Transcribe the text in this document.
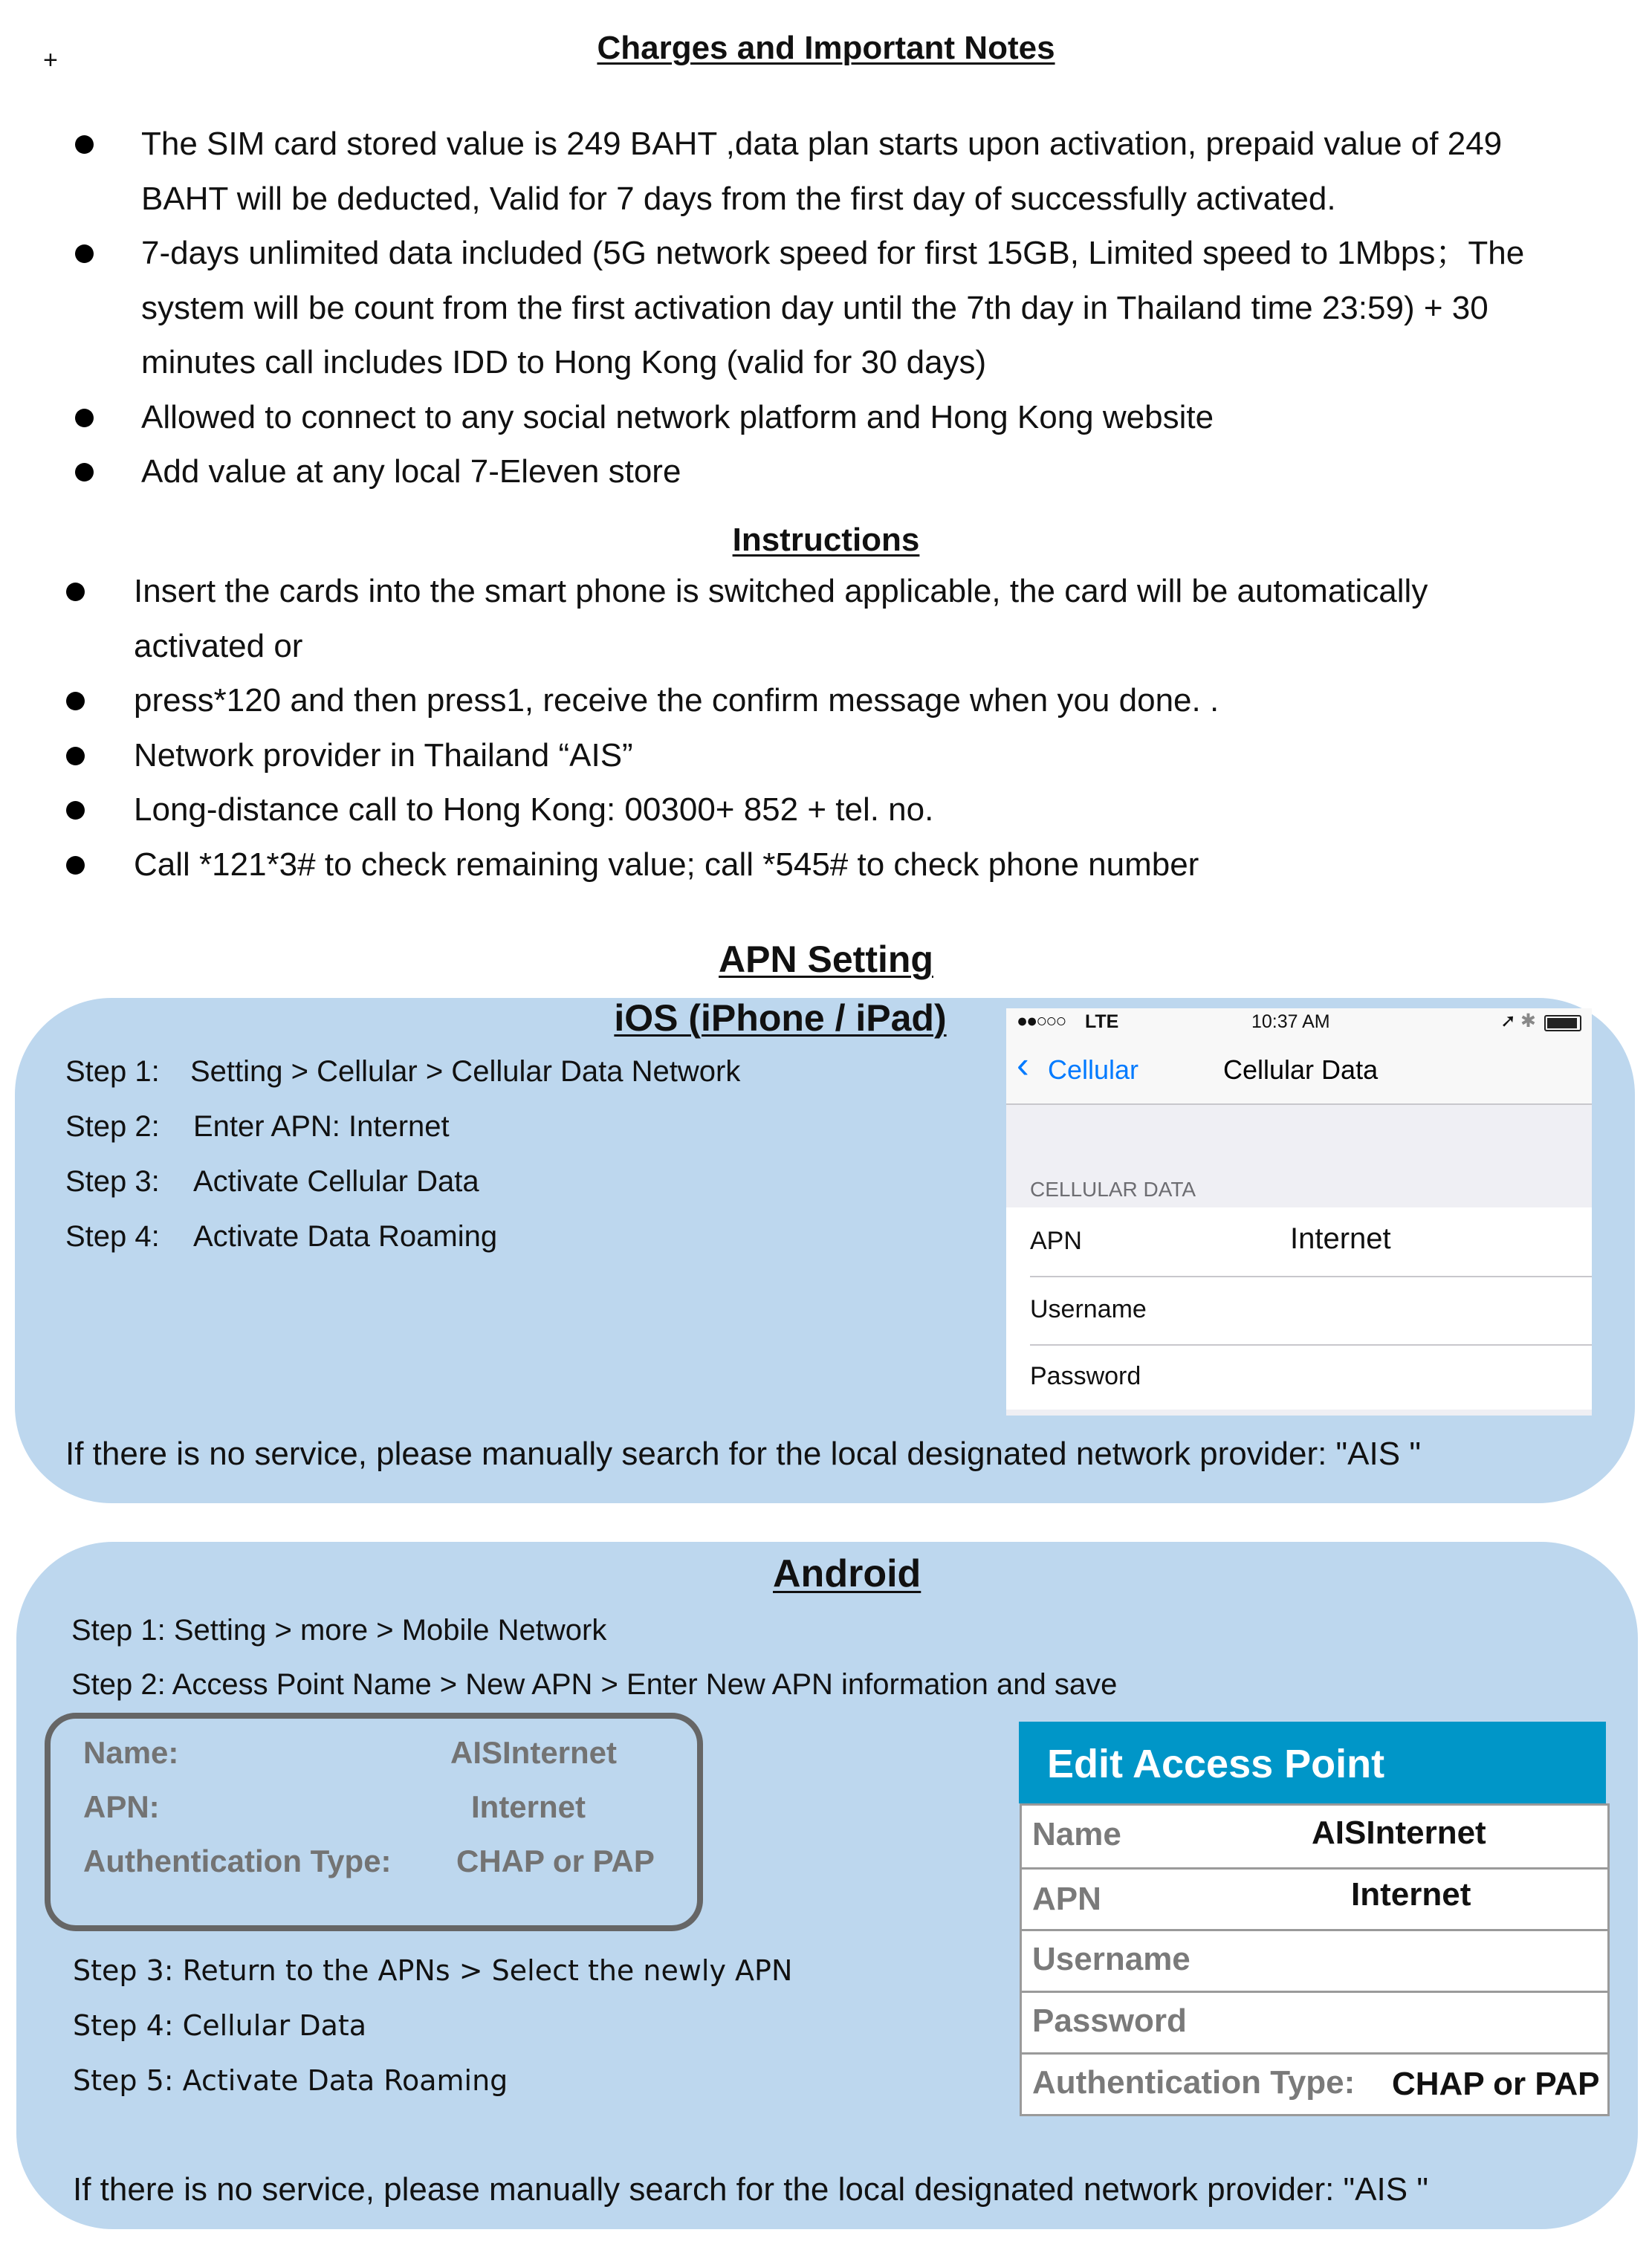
+	Charges and Important Notes
The SIM card stored value is 249 BAHT ,data plan starts upon activation, prepaid value of 249 BAHT will be deducted, Valid for 7 days from the first day of successfully activated.
7-days unlimited data included (5G network speed for first 15GB, Limited speed to 1Mbps；The system will be count from the first activation day until the 7th day in Thailand time 23:59) + 30 minutes call includes IDD to Hong Kong (valid for 30 days)
Allowed to connect to any social network platform and Hong Kong website
Add value at any local 7-Eleven store
Instructions
Insert the cards into the smart phone is switched applicable, the card will be automatically activated or
press*120 and then press1, receive the confirm message when you done. .
Network provider in Thailand “AIS”
Long-distance call to Hong Kong: 00300+ 852 + tel. no.
Call *121*3# to check remaining value; call *545# to check phone number
APN Setting
iOS (iPhone / iPad)
Step 1: Setting > Cellular > Cellular Data Network
Step 2: Enter APN: Internet
Step 3: Activate Cellular Data
Step 4: Activate Data Roaming
●●○○○ LTE	10:37 AM	➚ ✱
‹ Cellular	Cellular Data
CELLULAR DATA
APN	Internet
Username
Password
If there is no service, please manually search for the local designated network provider: "AIS "
Android
Step 1: Setting > more > Mobile Network
Step 2: Access Point Name > New APN > Enter New APN information and save
Name:	AISInternet
APN:	Internet
Authentication Type: CHAP or PAP
Step 3: Return to the APNs > Select the newly APN
Step 4: Cellular Data
Step 5: Activate Data Roaming
Edit Access Point
Name	AISInternet
APN	Internet
Username
Password
Authentication Type: CHAP or PAP
If there is no service, please manually search for the local designated network provider: "AIS "
